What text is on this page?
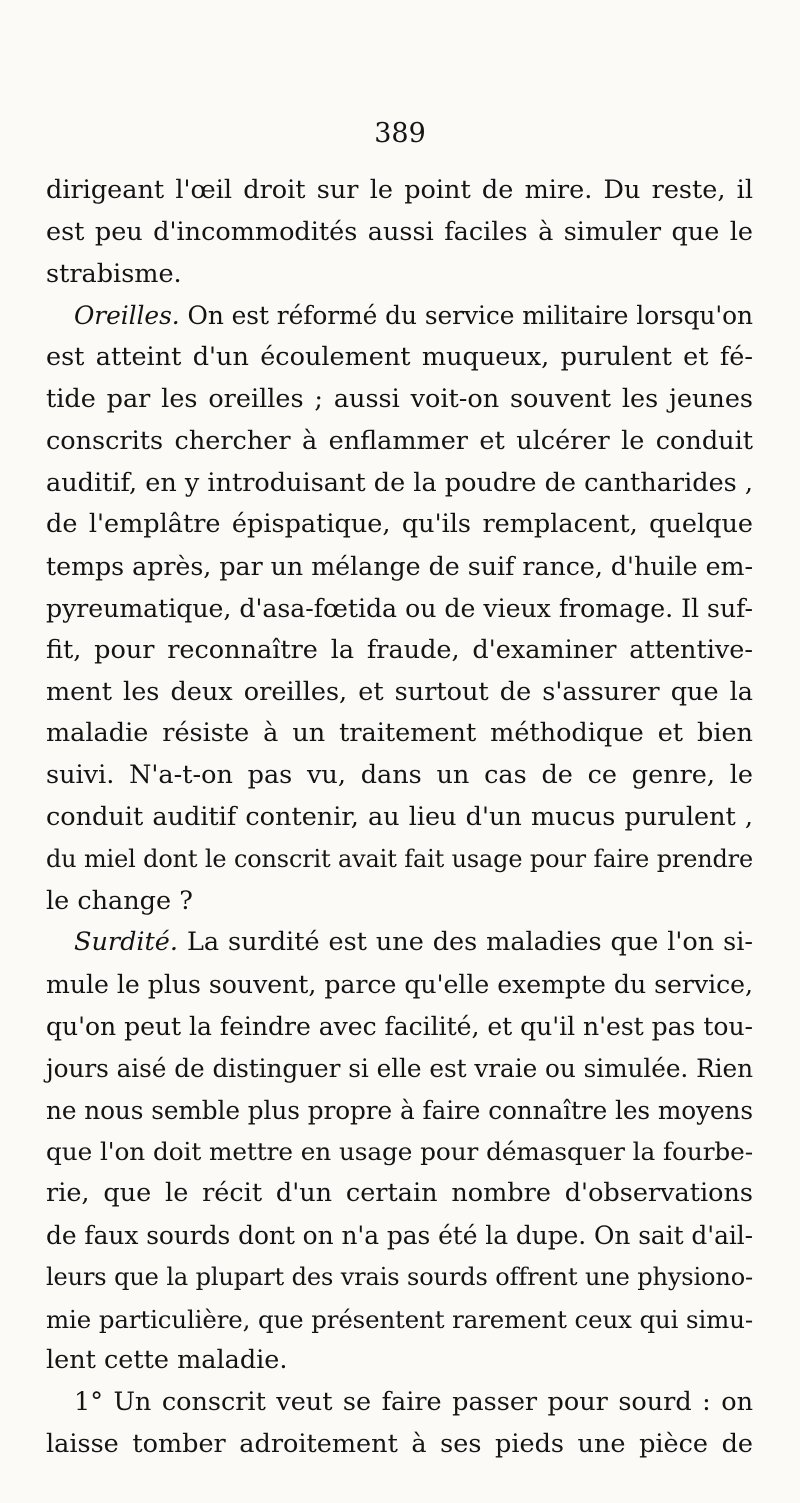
389
dirigeant l'œil droit sur le point de mire. Du reste, il
est peu d'incommodités aussi faciles à simuler que le
strabisme.
Oreilles. On est réformé du service militaire lorsqu'on
est atteint d'un écoulement muqueux, purulent et fé-
tide par les oreilles ; aussi voit-on souvent les jeunes
conscrits chercher à enflammer et ulcérer le conduit
auditif, en y introduisant de la poudre de cantharides ,
de l'emplâtre épispatique, qu'ils remplacent, quelque
temps après, par un mélange de suif rance, d'huile em-
pyreumatique, d'asa-fœtida ou de vieux fromage. Il suf-
fit, pour reconnaître la fraude, d'examiner attentive-
ment les deux oreilles, et surtout de s'assurer que la
maladie résiste à un traitement méthodique et bien
suivi. N'a-t-on pas vu, dans un cas de ce genre, le
conduit auditif contenir, au lieu d'un mucus purulent ,
du miel dont le conscrit avait fait usage pour faire prendre
le change ?
Surdité. La surdité est une des maladies que l'on si-
mule le plus souvent, parce qu'elle exempte du service,
qu'on peut la feindre avec facilité, et qu'il n'est pas tou-
jours aisé de distinguer si elle est vraie ou simulée. Rien
ne nous semble plus propre à faire connaître les moyens
que l'on doit mettre en usage pour démasquer la fourbe-
rie, que le récit d'un certain nombre d'observations
de faux sourds dont on n'a pas été la dupe. On sait d'ail-
leurs que la plupart des vrais sourds offrent une physiono-
mie particulière, que présentent rarement ceux qui simu-
lent cette maladie.
1° Un conscrit veut se faire passer pour sourd : on
laisse tomber adroitement à ses pieds une pièce de
